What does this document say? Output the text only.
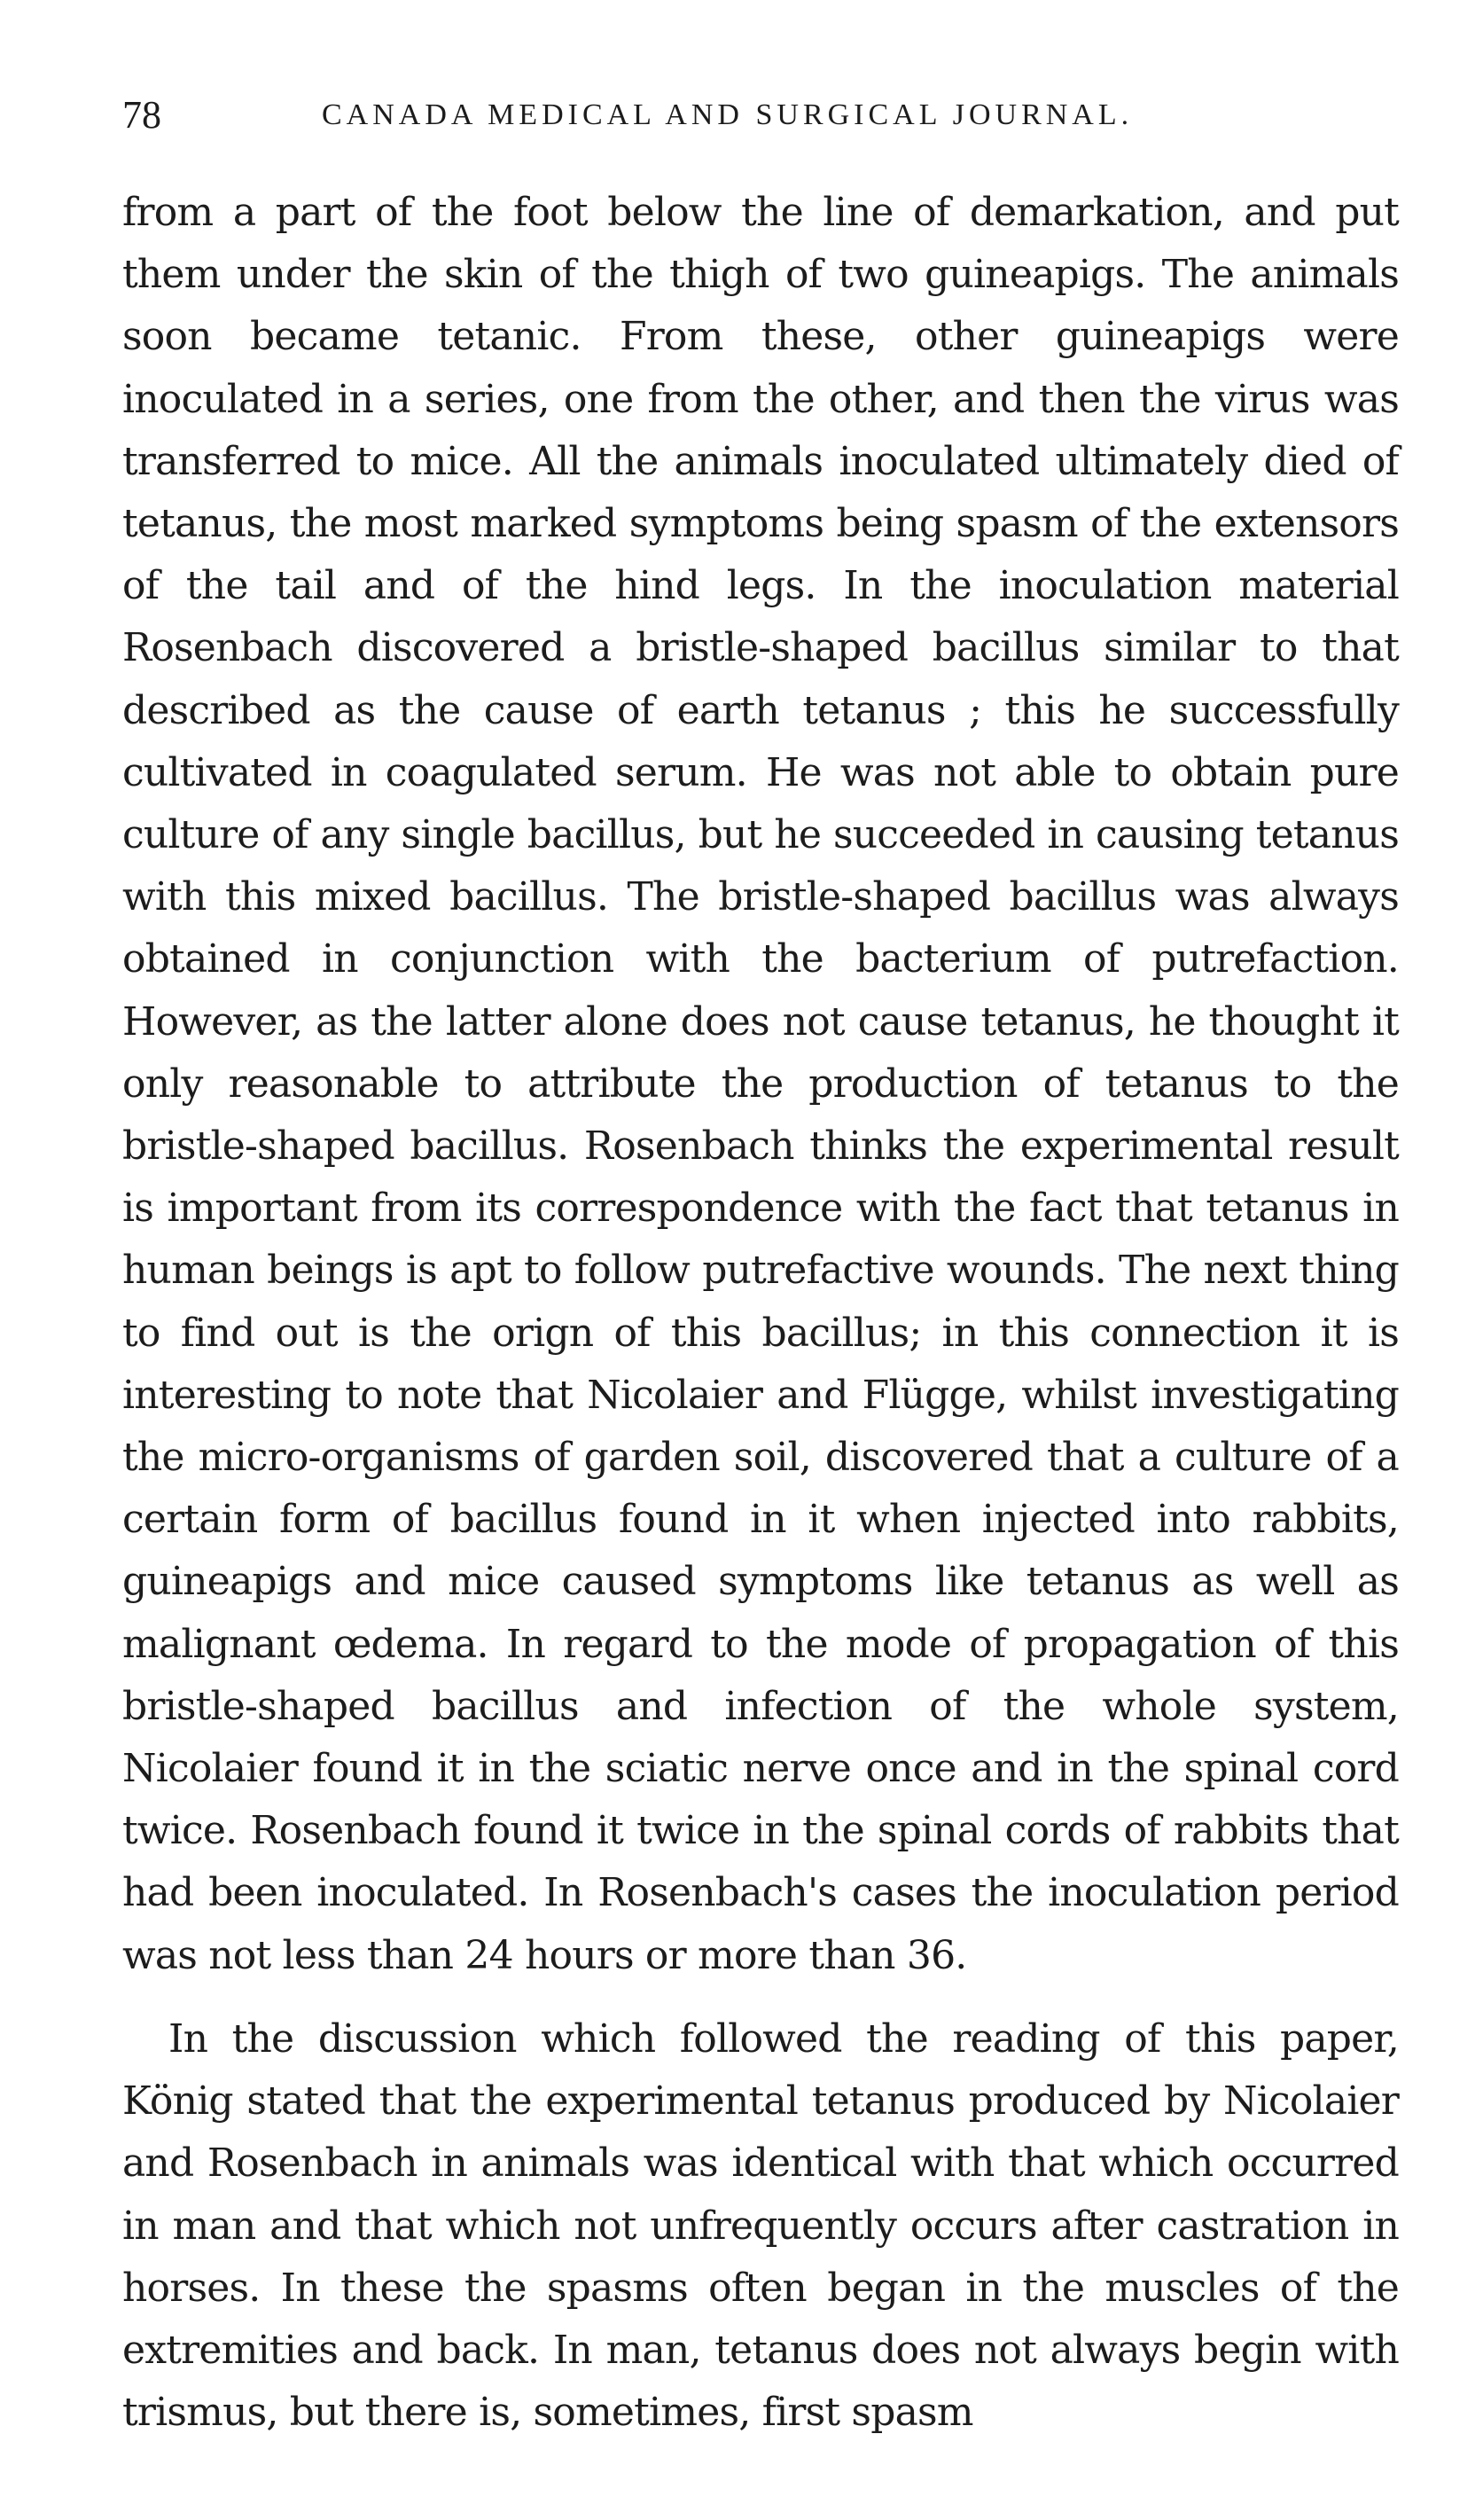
78	CANADA MEDICAL AND SURGICAL JOURNAL.

from a part of the foot below the line of demarkation, and put them under the skin of the thigh of two guineapigs. The animals soon became tetanic. From these, other guineapigs were inoculated in a series, one from the other, and then the virus was transferred to mice. All the animals inoculated ultimately died of tetanus, the most marked symptoms being spasm of the extensors of the tail and of the hind legs. In the inoculation material Rosenbach discovered a bristle-shaped bacillus similar to that described as the cause of earth tetanus ; this he successfully cultivated in coagulated serum. He was not able to obtain pure culture of any single bacillus, but he succeeded in causing tetanus with this mixed bacillus. The bristle-shaped bacillus was always obtained in conjunction with the bacterium of putrefaction. However, as the latter alone does not cause tetanus, he thought it only reasonable to attribute the production of tetanus to the bristle-shaped bacillus. Rosenbach thinks the experimental result is important from its correspondence with the fact that tetanus in human beings is apt to follow putrefactive wounds. The next thing to find out is the orign of this bacillus; in this connection it is interesting to note that Nicolaier and Flügge, whilst investigating the micro-organisms of garden soil, discovered that a culture of a certain form of bacillus found in it when injected into rabbits, guineapigs and mice caused symptoms like tetanus as well as malignant œdema. In regard to the mode of propagation of this bristle-shaped bacillus and infection of the whole system, Nicolaier found it in the sciatic nerve once and in the spinal cord twice. Rosenbach found it twice in the spinal cords of rabbits that had been inoculated. In Rosenbach's cases the inoculation period was not less than 24 hours or more than 36.

In the discussion which followed the reading of this paper, König stated that the experimental tetanus produced by Nicolaier and Rosenbach in animals was identical with that which occurred in man and that which not unfrequently occurs after castration in horses. In these the spasms often began in the muscles of the extremities and back. In man, tetanus does not always begin with trismus, but there is, sometimes, first spasm
